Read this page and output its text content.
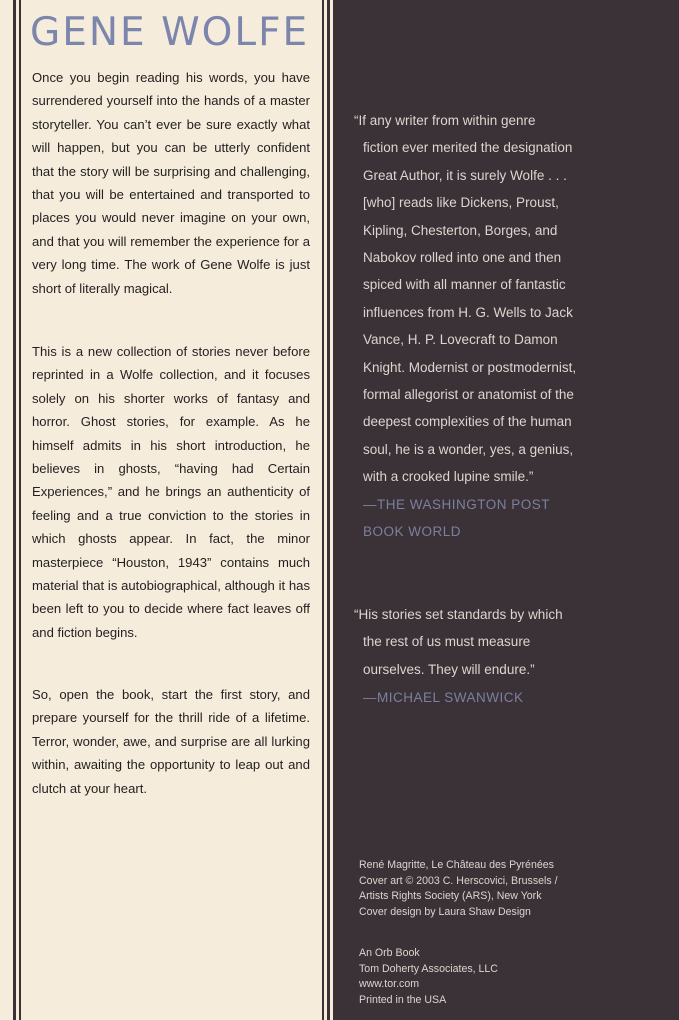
GENE WOLFE

Once you begin reading his words, you have surrendered yourself into the hands of a master storyteller. You can’t ever be sure exactly what will happen, but you can be utterly confident that the story will be surprising and challenging, that you will be entertained and transported to places you would never imagine on your own, and that you will remember the experience for a very long time. The work of Gene Wolfe is just short of literally magical.

This is a new collection of stories never before reprinted in a Wolfe collection, and it focuses solely on his shorter works of fantasy and horror. Ghost stories, for example. As he himself admits in his short introduction, he believes in ghosts, “having had Certain Experiences,” and he brings an authenticity of feeling and a true conviction to the stories in which ghosts appear. In fact, the minor masterpiece “Houston, 1943” contains much material that is autobiographical, although it has been left to you to decide where fact leaves off and fiction begins.

So, open the book, start the first story, and prepare yourself for the thrill ride of a lifetime. Terror, wonder, awe, and surprise are all lurking within, awaiting the opportunity to leap out and clutch at your heart.

“If any writer from within genre
fiction ever merited the designation
Great Author, it is surely Wolfe . . .
[who] reads like Dickens, Proust,
Kipling, Chesterton, Borges, and
Nabokov rolled into one and then
spiced with all manner of fantastic
influences from H. G. Wells to Jack
Vance, H. P. Lovecraft to Damon
Knight. Modernist or postmodernist,
formal allegorist or anatomist of the
deepest complexities of the human
soul, he is a wonder, yes, a genius,
with a crooked lupine smile.”
—THE WASHINGTON POST
BOOK WORLD
“His stories set standards by which
the rest of us must measure
ourselves. They will endure.”
—MICHAEL SWANWICK
René Magritte, Le Château des Pyrénées
Cover art © 2003 C. Herscovici, Brussels /
Artists Rights Society (ARS), New York
Cover design by Laura Shaw Design
An Orb Book
Tom Doherty Associates, LLC
www.tor.com
Printed in the USA
